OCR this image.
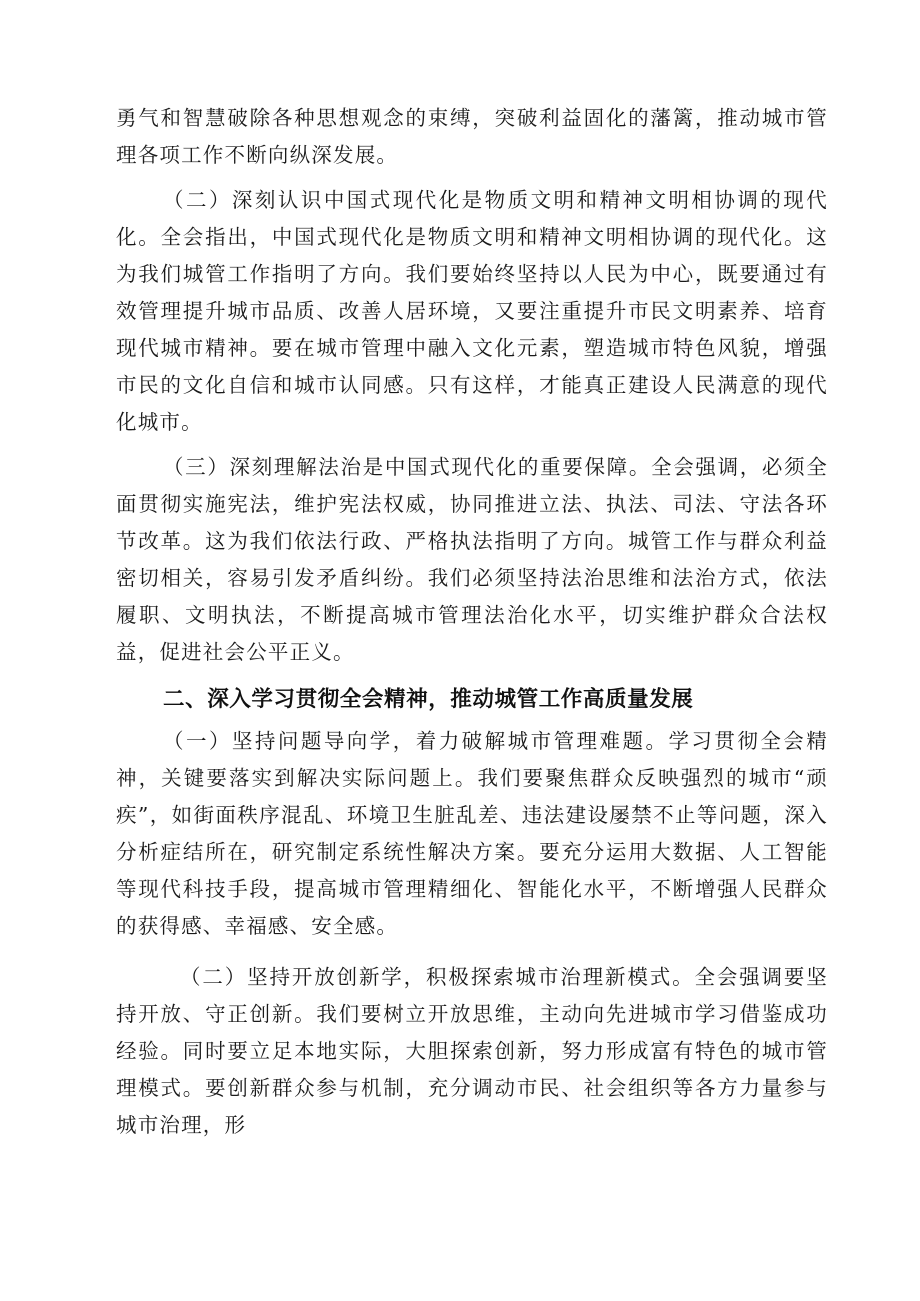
勇气和智慧破除各种思想观念的束缚，突破利益固化的藩篱，推动城市管理各项工作不断向纵深发展。

（二）深刻认识中国式现代化是物质文明和精神文明相协调的现代化。全会指出，中国式现代化是物质文明和精神文明相协调的现代化。这为我们城管工作指明了方向。我们要始终坚持以人民为中心，既要通过有效管理提升城市品质、改善人居环境，又要注重提升市民文明素养、培育现代城市精神。要在城市管理中融入文化元素，塑造城市特色风貌，增强市民的文化自信和城市认同感。只有这样，才能真正建设人民满意的现代化城市。

（三）深刻理解法治是中国式现代化的重要保障。全会强调，必须全面贯彻实施宪法，维护宪法权威，协同推进立法、执法、司法、守法各环节改革。这为我们依法行政、严格执法指明了方向。城管工作与群众利益密切相关，容易引发矛盾纠纷。我们必须坚持法治思维和法治方式，依法履职、文明执法，不断提高城市管理法治化水平，切实维护群众合法权益，促进社会公平正义。

二、深入学习贯彻全会精神，推动城管工作高质量发展

（一）坚持问题导向学，着力破解城市管理难题。学习贯彻全会精神，关键要落实到解决实际问题上。我们要聚焦群众反映强烈的城市“顽疾”，如街面秩序混乱、环境卫生脏乱差、违法建设屡禁不止等问题，深入分析症结所在，研究制定系统性解决方案。要充分运用大数据、人工智能等现代科技手段，提高城市管理精细化、智能化水平，不断增强人民群众的获得感、幸福感、安全感。

（二）坚持开放创新学，积极探索城市治理新模式。全会强调要坚持开放、守正创新。我们要树立开放思维，主动向先进城市学习借鉴成功经验。同时要立足本地实际，大胆探索创新，努力形成富有特色的城市管理模式。要创新群众参与机制，充分调动市民、社会组织等各方力量参与城市治理，形
